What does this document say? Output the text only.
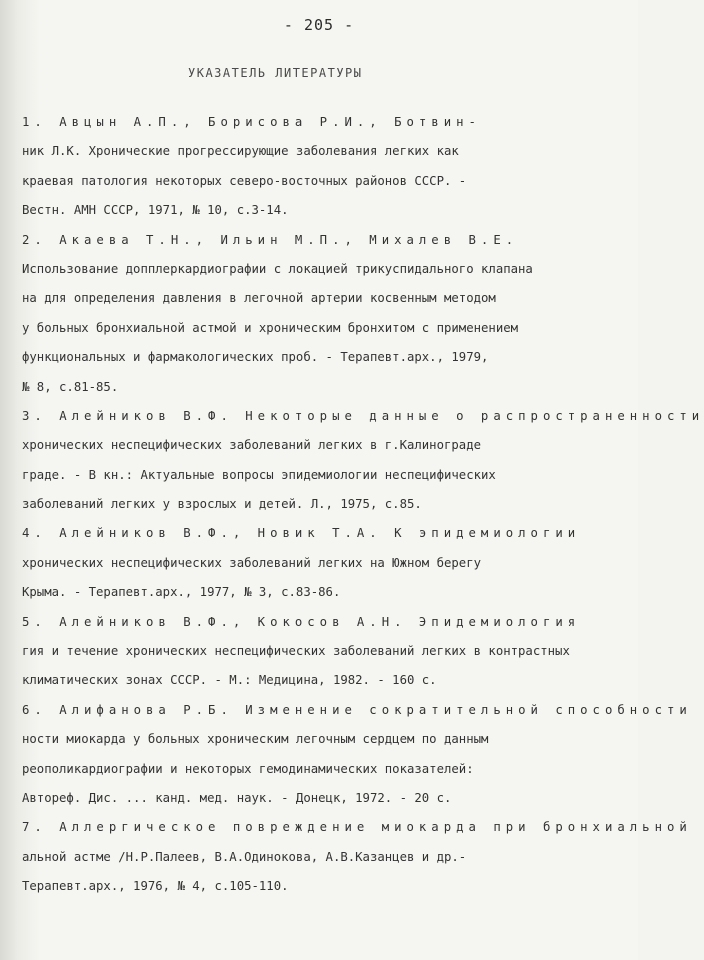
- 205 -
УКАЗАТЕЛЬ ЛИТЕРАТУРЫ
1. Авцын А.П., Борисова Р.И., Ботвин-
ник Л.К. Хронические прогрессирующие заболевания легких как
краевая патология некоторых северо-восточных районов СССР. -
Вестн. АМН СССР, 1971, № 10, с.3-14.
2. Акаева Т.Н., Ильин М.П., Михалев В.Е.
Использование допплеркардиографии с локацией трикуспидального клапана
на для определения давления в легочной артерии косвенным методом
у больных бронхиальной астмой и хроническим бронхитом с применением
функциональных и фармакологических проб. - Терапевт.арх., 1979,
№ 8, с.81-85.
3. Алейников В.Ф. Некоторые данные о распространенности
хронических неспецифических заболеваний легких в г.Калинограде
граде. - В кн.: Актуальные вопросы эпидемиологии неспецифических
заболеваний легких у взрослых и детей. Л., 1975, с.85.
4. Алейников В.Ф., Новик Т.А. К эпидемиологии
хронических неспецифических заболеваний легких на Южном берегу
Крыма. - Терапевт.арх., 1977, № 3, с.83-86.
5. Алейников В.Ф., Кокосов А.Н. Эпидемиология
гия и течение хронических неспецифических заболеваний легких в контрастных
климатических зонах СССР. - М.: Медицина, 1982. - 160 с.
6. Алифанова Р.Б. Изменение сократительной способности
ности миокарда у больных хроническим легочным сердцем по данным
реополикардиографии и некоторых гемодинамических показателей:
Автореф. Дис. ... канд. мед. наук. - Донецк, 1972. - 20 с.
7. Аллергическое повреждение миокарда при бронхиальной
альной астме /Н.Р.Палеев, В.А.Одинокова, А.В.Казанцев и др.-
Терапевт.арх., 1976, № 4, с.105-110.
